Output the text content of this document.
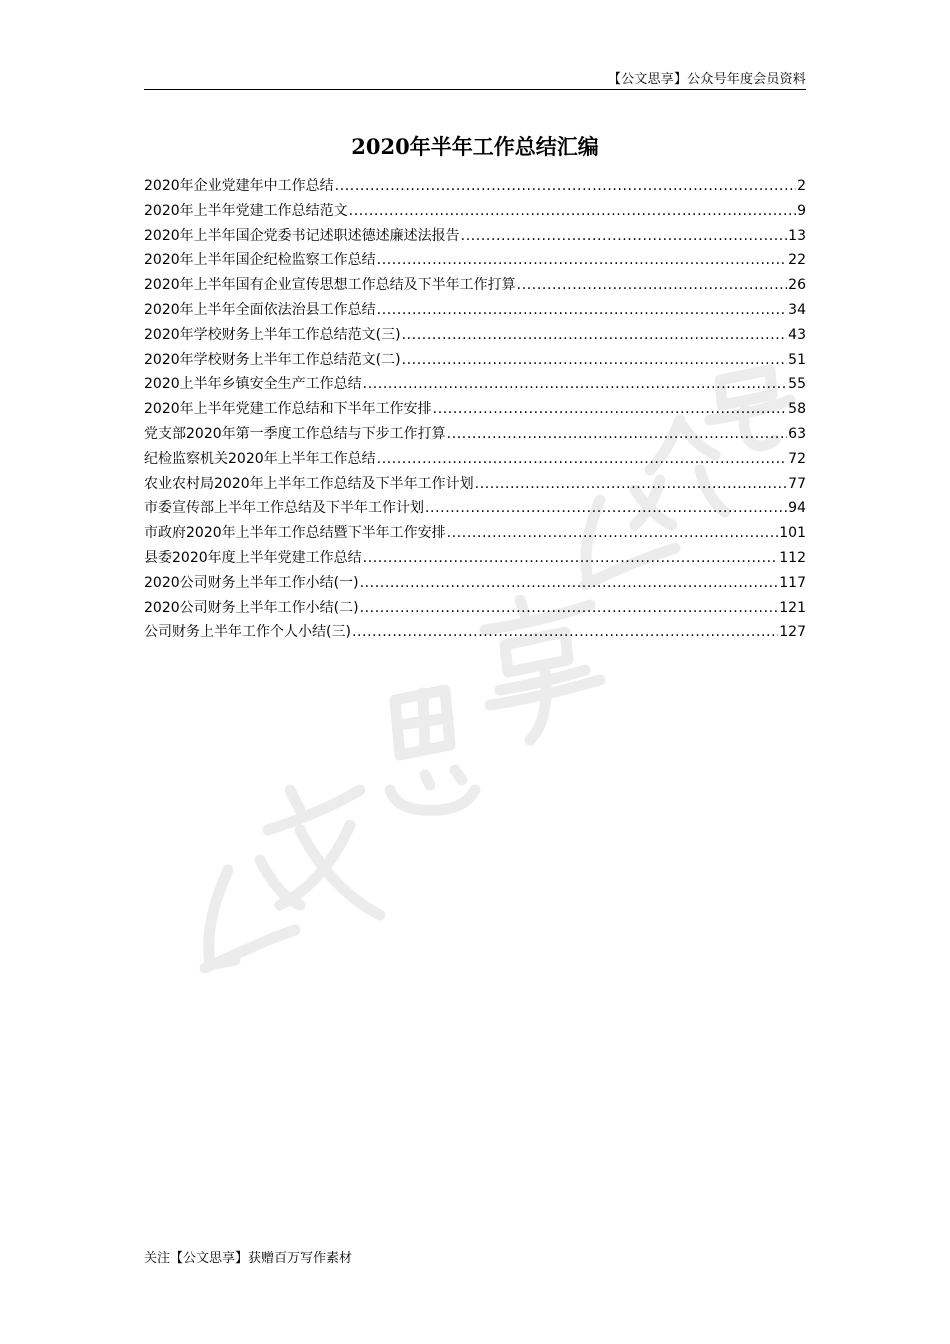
【公文思享】公众号年度会员资料
2020年半年工作总结汇编
2020年企业党建年中工作总结 .....	2
2020年上半年党建工作总结范文 .....	9
2020年上半年国企党委书记述职述德述廉述法报告 .....	13
2020年上半年国企纪检监察工作总结 .....	22
2020年上半年国有企业宣传思想工作总结及下半年工作打算 .....	26
2020年上半年全面依法治县工作总结 .....	34
2020年学校财务上半年工作总结范文(三) .....	43
2020年学校财务上半年工作总结范文(二) .....	51
2020上半年乡镇安全生产工作总结 .....	55
2020年上半年党建工作总结和下半年工作安排 .....	58
党支部2020年第一季度工作总结与下步工作打算 .....	63
纪检监察机关2020年上半年工作总结 .....	72
农业农村局2020年上半年工作总结及下半年工作计划 .....	77
市委宣传部上半年工作总结及下半年工作计划 .....	94
市政府2020年上半年工作总结暨下半年工作安排 .....	101
县委2020年度上半年党建工作总结 .....	112
2020公司财务上半年工作小结(一) .....	117
2020公司财务上半年工作小结(二) .....	121
公司财务上半年工作个人小结(三) .....	127
关注【公文思享】获赠百万写作素材
